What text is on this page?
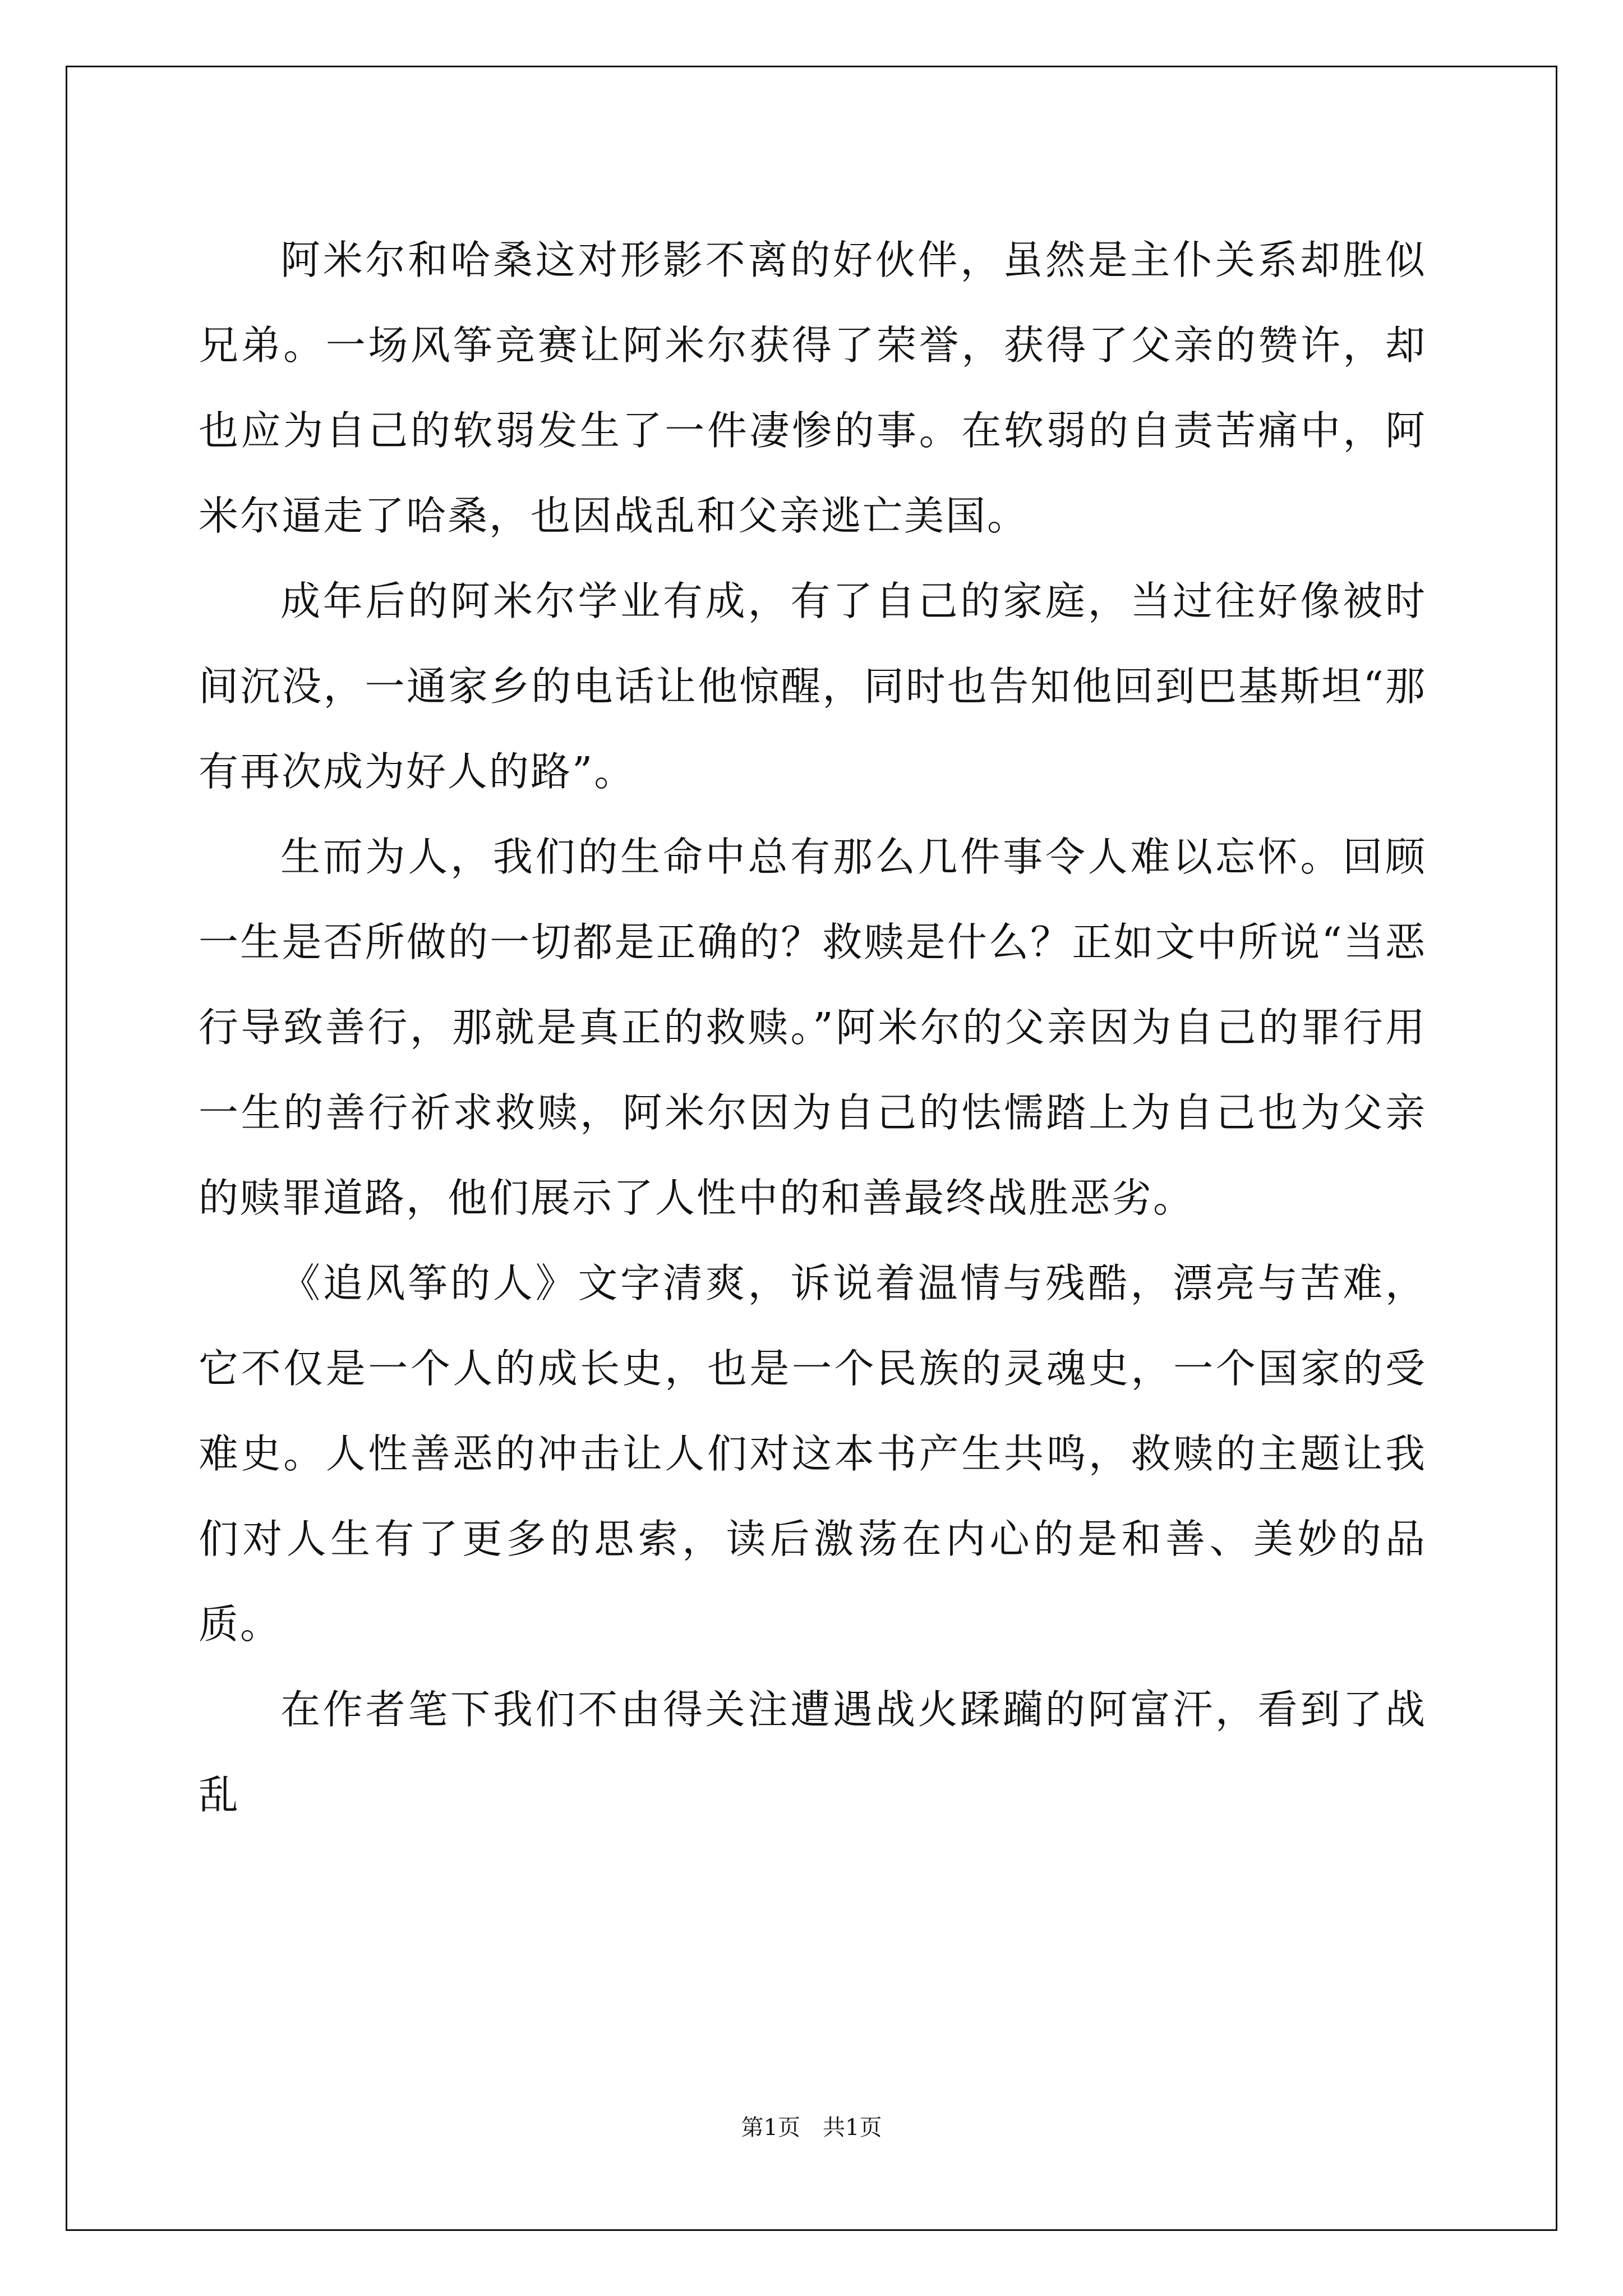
阿米尔和哈桑这对形影不离的好伙伴，虽然是主仆关系却胜似兄弟。一场风筝竞赛让阿米尔获得了荣誉，获得了父亲的赞许，却也应为自己的软弱发生了一件凄惨的事。在软弱的自责苦痛中，阿米尔逼走了哈桑，也因战乱和父亲逃亡美国。

成年后的阿米尔学业有成，有了自己的家庭，当过往好像被时间沉没，一通家乡的电话让他惊醒，同时也告知他回到巴基斯坦“那有再次成为好人的路”。

生而为人，我们的生命中总有那么几件事令人难以忘怀。回顾一生是否所做的一切都是正确的？救赎是什么？正如文中所说“当恶行导致善行，那就是真正的救赎。”阿米尔的父亲因为自己的罪行用一生的善行祈求救赎，阿米尔因为自己的怯懦踏上为自己也为父亲的赎罪道路，他们展示了人性中的和善最终战胜恶劣。

《追风筝的人》文字清爽，诉说着温情与残酷，漂亮与苦难，它不仅是一个人的成长史，也是一个民族的灵魂史，一个国家的受难史。人性善恶的冲击让人们对这本书产生共鸣，救赎的主题让我们对人生有了更多的思索，读后激荡在内心的是和善、美妙的品质。

在作者笔下我们不由得关注遭遇战火蹂躏的阿富汗，看到了战乱

第1页 共1页
